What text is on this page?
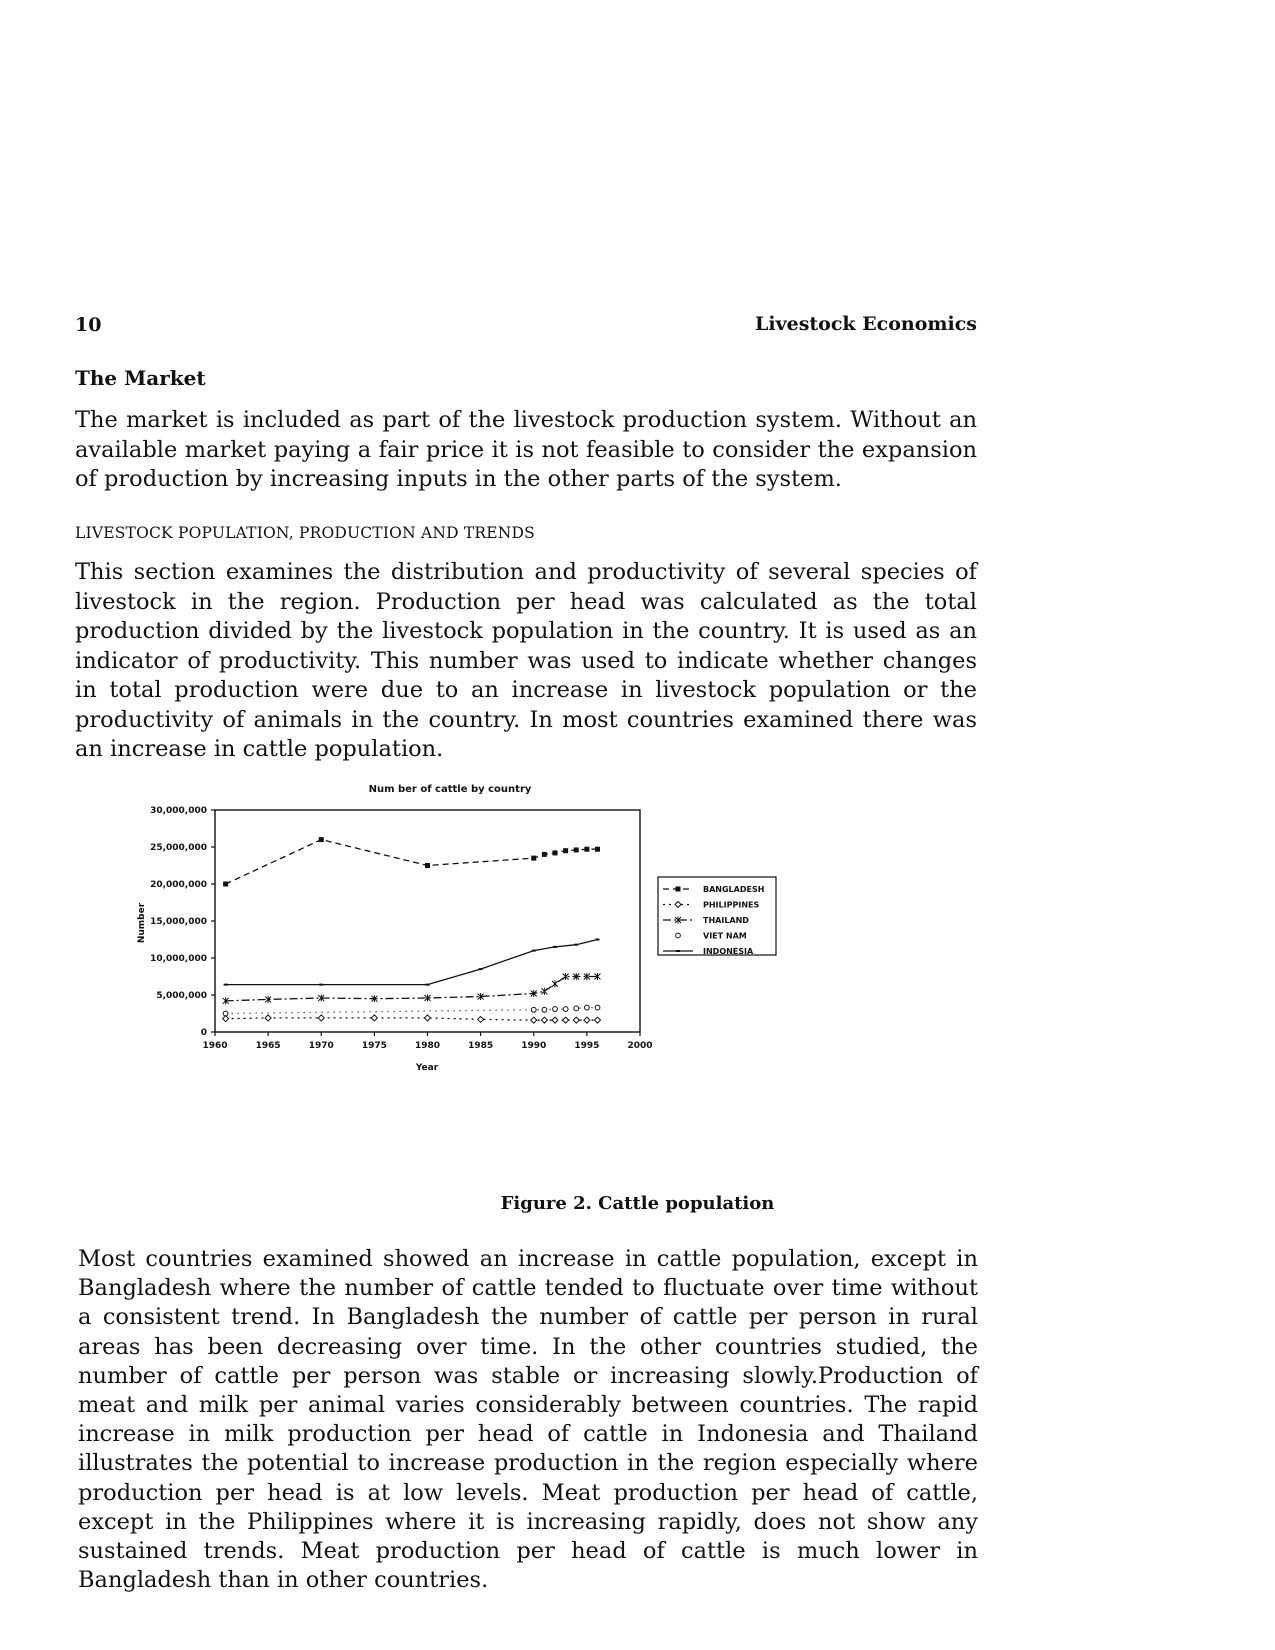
10	Livestock Economics
The Market

The market is included as part of the livestock production system. Without an available market paying a fair price it is not feasible to consider the expansion of production by increasing inputs in the other parts of the system.

LIVESTOCK POPULATION, PRODUCTION AND TRENDS

This section examines the distribution and productivity of several species of livestock in the region. Production per head was calculated as the total production divided by the livestock population in the country. It is used as an indicator of productivity. This number was used to indicate whether changes in total production were due to an increase in livestock population or the productivity of animals in the country. In most countries examined there was an increase in cattle population.

Num ber of cattle by country
0
5,000,000
10,000,000
15,000,000
20,000,000
25,000,000
30,000,000
1960	1965	1970	1975	1980	1985	1990	1995	2000
Number
Year
BANGLADESH
PHILIPPINES
THAILAND
VIET NAM
INDONESIA
Figure 2. Cattle population

Most countries examined showed an increase in cattle population, except in Bangladesh where the number of cattle tended to fluctuate over time without a consistent trend. In Bangladesh the number of cattle per person in rural areas has been decreasing over time. In the other countries studied, the number of cattle per person was stable or increasing slowly.Production of meat and milk per animal varies considerably between countries. The rapid increase in milk production per head of cattle in Indonesia and Thailand illustrates the potential to increase production in the region especially where production per head is at low levels. Meat production per head of cattle, except in the Philippines where it is increasing rapidly, does not show any sustained trends. Meat production per head of cattle is much lower in Bangladesh than in other countries.
